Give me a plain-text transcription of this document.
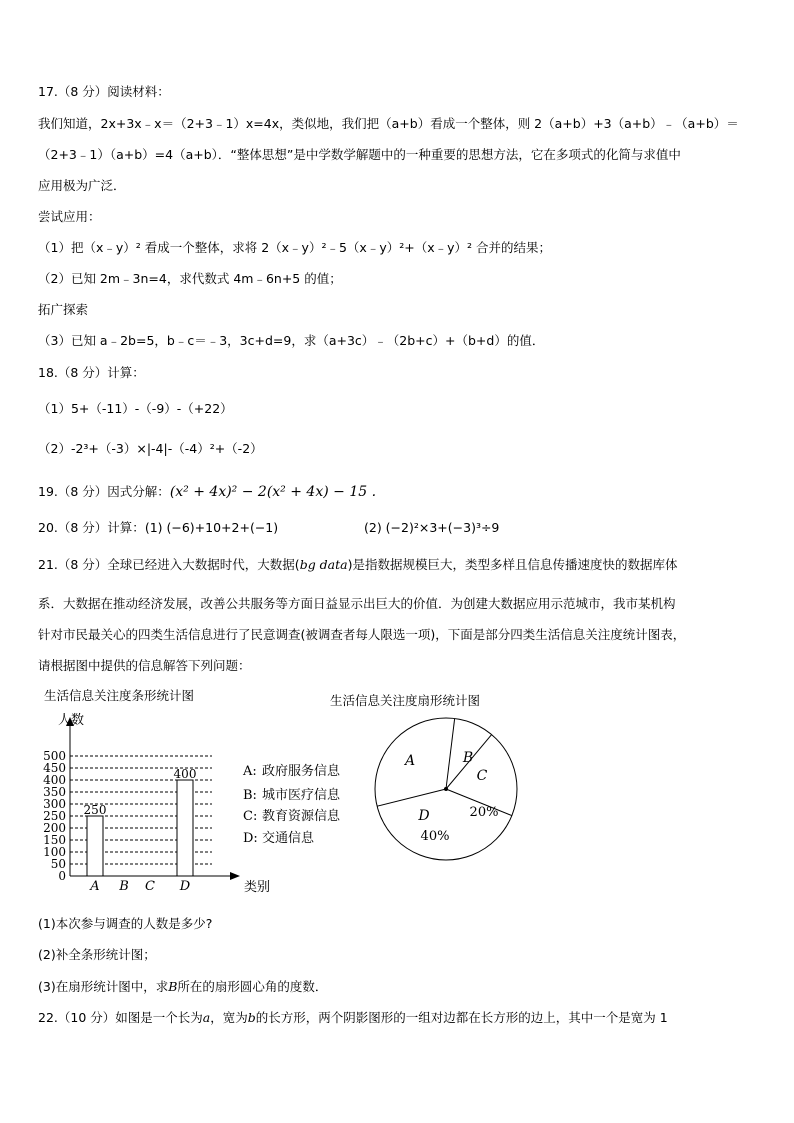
17.（8 分）阅读材料：
我们知道，2x+3x﹣x＝（2+3﹣1）x=4x，类似地，我们把（a+b）看成一个整体，则 2（a+b）+3（a+b）﹣（a+b）＝
（2+3﹣1）（a+b）=4（a+b）．“整体思想”是中学数学解题中的一种重要的思想方法，它在多项式的化简与求值中
应用极为广泛．
尝试应用：
（1）把（x﹣y）² 看成一个整体，求将 2（x﹣y）²﹣5（x﹣y）²+（x﹣y）² 合并的结果；
（2）已知 2m﹣3n=4，求代数式 4m﹣6n+5 的值；
拓广探索
（3）已知 a﹣2b=5，b﹣c＝﹣3，3c+d=9，求（a+3c）﹣（2b+c）+（b+d）的值．
18.（8 分）计算：
（1）5+（-11）-（-9）-（+22）
（2）-2³+（-3）×|-4|-（-4）²+（-2）
19.（8 分）因式分解：(x² + 4x)² − 2(x² + 4x) − 15 .
20.（8 分）计算：(1) (−6)+10+2+(−1)	(2) (−2)²×3+(−3)³÷9
21.（8 分）全球已经进入大数据时代，大数据(bg data)是指数据规模巨大，类型多样且信息传播速度快的数据库体
系．大数据在推动经济发展，改善公共服务等方面日益显示出巨大的价值．为创建大数据应用示范城市，我市某机构
针对市民最关心的四类生活信息进行了民意调查(被调查者每人限选一项)，下面是部分四类生活信息关注度统计图表，
请根据图中提供的信息解答下列问题：
生活信息关注度条形统计图	生活信息关注度扇形统计图
0
50
100
150
200
250
300
350
400
450
500
人数
类别
A
250
B C D
400	A: 政府服务信息
B: 城市医疗信息
C: 教育资源信息
D: 交通信息
A	B
C
D	20%
40%
(1)本次参与调查的人数是多少?
(2)补全条形统计图；
(3)在扇形统计图中，求B所在的扇形圆心角的度数．
22.（10 分）如图是一个长为a，宽为b的长方形，两个阴影图形的一组对边都在长方形的边上，其中一个是宽为 1
